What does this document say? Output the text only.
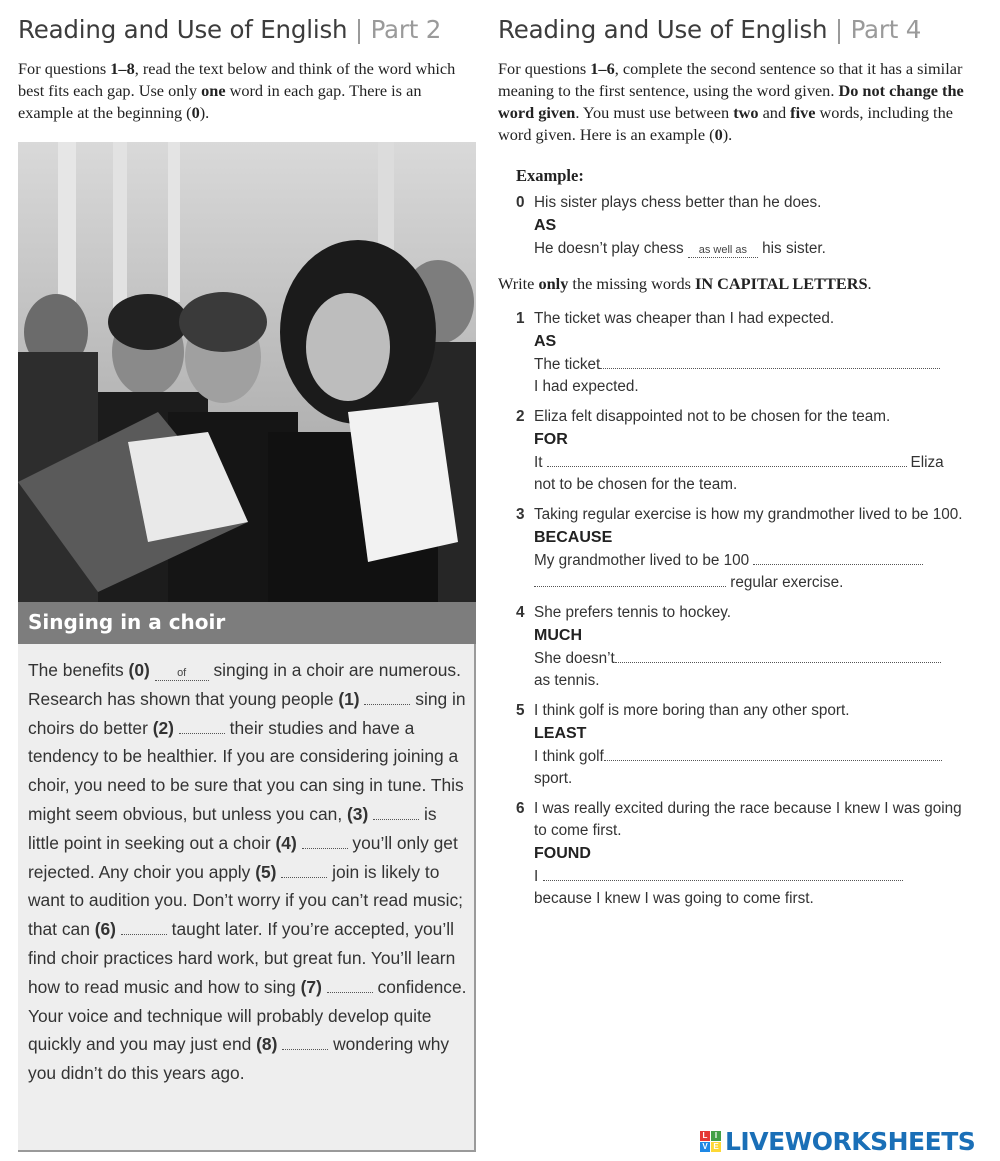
Reading and Use of English | Part 2
For questions 1–8, read the text below and think of the word which best fits each gap. Use only one word in each gap. There is an example at the beginning (0).
Singing in a choir
The benefits (0) of singing in a choir are numerous. Research has shown that young people (1)	sing in choirs do better (2)	their studies and have a tendency to be healthier. If you are considering joining a choir, you need to be sure that you can sing in tune. This might seem obvious, but unless you can, (3)	is little point in seeking out a choir (4)	you’ll only get rejected. Any choir you apply (5)	join is likely to want to audition you. Don’t worry if you can’t read music; that can (6)	taught later. If you’re accepted, you’ll find choir practices hard work, but great fun. You’ll learn how to read music and how to sing (7)	confidence. Your voice and technique will probably develop quite quickly and you may just end (8)	wondering why you didn’t do this years ago.
Reading and Use of English | Part 4
For questions 1–6, complete the second sentence so that it has a similar meaning to the first sentence, using the word given. Do not change the word given. You must use between two and five words, including the word given. Here is an example (0).
Example:
0 His sister plays chess better than he does.
AS
He doesn’t play chess as well as his sister.
Write only the missing words IN CAPITAL LETTERS.
1 The ticket was cheaper than I had expected.
AS
The ticket
I had expected.
2 Eliza felt disappointed not to be chosen for the team.
FOR
It	Eliza
not to be chosen for the team.
3 Taking regular exercise is how my grandmother lived to be 100.
BECAUSE
My grandmother lived to be 100
regular exercise.
4 She prefers tennis to hockey.
MUCH
She doesn’t
as tennis.
5 I think golf is more boring than any other sport.
LEAST
I think golf
sport.
6 I was really excited during the race because I knew I was going to come first.
FOUND
I
because I knew I was going to come first.
L I
V E LIVEWORKSHEETS
